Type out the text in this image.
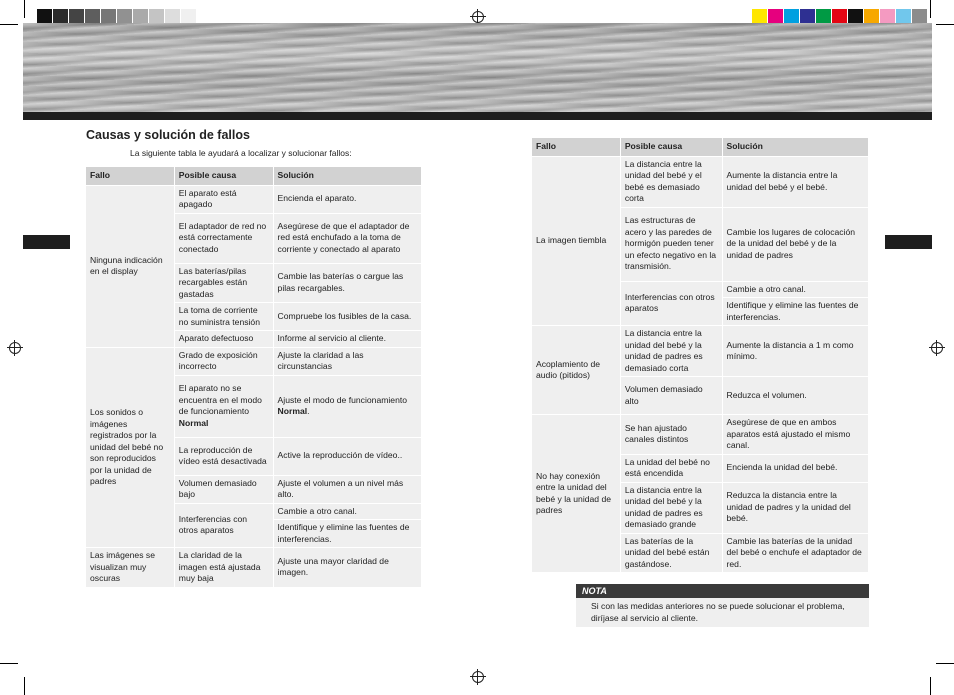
Causas y solución de fallos
La siguiente tabla le ayudará a localizar y solucionar fallos:
Fallo	Posible causa	Solución
Ninguna indicación en el display	El aparato está apagado	Encienda el aparato.
	El adaptador de red no está correctamente conectado	Asegúrese de que el adaptador de red está enchufado a la toma de corriente y conectado al aparato
	Las baterías/pilas recargables están gastadas	Cambie las baterías o cargue las pilas recargables.
	La toma de corriente no suministra tensión	Compruebe los fusibles de la casa.
	Aparato defectuoso	Informe al servicio al cliente.
Los sonidos o imágenes registrados por la unidad del bebé no son reproducidos por la unidad de padres	Grado de exposición incorrecto	Ajuste la claridad a las circunstancias
	El aparato no se encuentra en el modo de funcionamiento Normal	Ajuste el modo de funcionamiento Normal.
	La reproducción de vídeo está desactivada	Active la reproducción de vídeo..
	Volumen demasiado bajo	Ajuste el volumen a un nivel más alto.
	Interferencias con otros aparatos	Cambie a otro canal.
		Identifique y elimine las fuentes de interferencias.
Las imágenes se visualizan muy oscuras	La claridad de la imagen está ajustada muy baja	Ajuste una mayor claridad de imagen.
Fallo	Posible causa	Solución
La imagen tiembla	La distancia entre la unidad del bebé y el bebé es demasiado corta	Aumente la distancia entre la unidad del bebé y el bebé.
	Las estructuras de acero y las paredes de hormigón pueden tener un efecto negativo en la transmisión.	Cambie los lugares de colocación de la unidad del bebé y de la unidad de padres
	Interferencias con otros aparatos	Cambie a otro canal.
		Identifique y elimine las fuentes de interferencias.
Acoplamiento de audio (pitidos)	La distancia entre la unidad del bebé y la unidad de padres es demasiado corta	Aumente la distancia a 1 m como mínimo.
	Volumen demasiado alto	Reduzca el volumen.
No hay conexión entre la unidad del bebé y la unidad de padres	Se han ajustado canales distintos	Asegúrese de que en ambos aparatos está ajustado el mismo canal.
	La unidad del bebé no está encendida	Encienda la unidad del bebé.
	La distancia entre la unidad del bebé y la unidad de padres es demasiado grande	Reduzca la distancia entre la unidad de padres y la unidad del bebé.
	Las baterías de la unidad del bebé están gastándose.	Cambie las baterías de la unidad del bebé o enchufe el adaptador de red.
NOTA
Si con las medidas anteriores no se puede solucionar el problema, diríjase al servicio al cliente.
